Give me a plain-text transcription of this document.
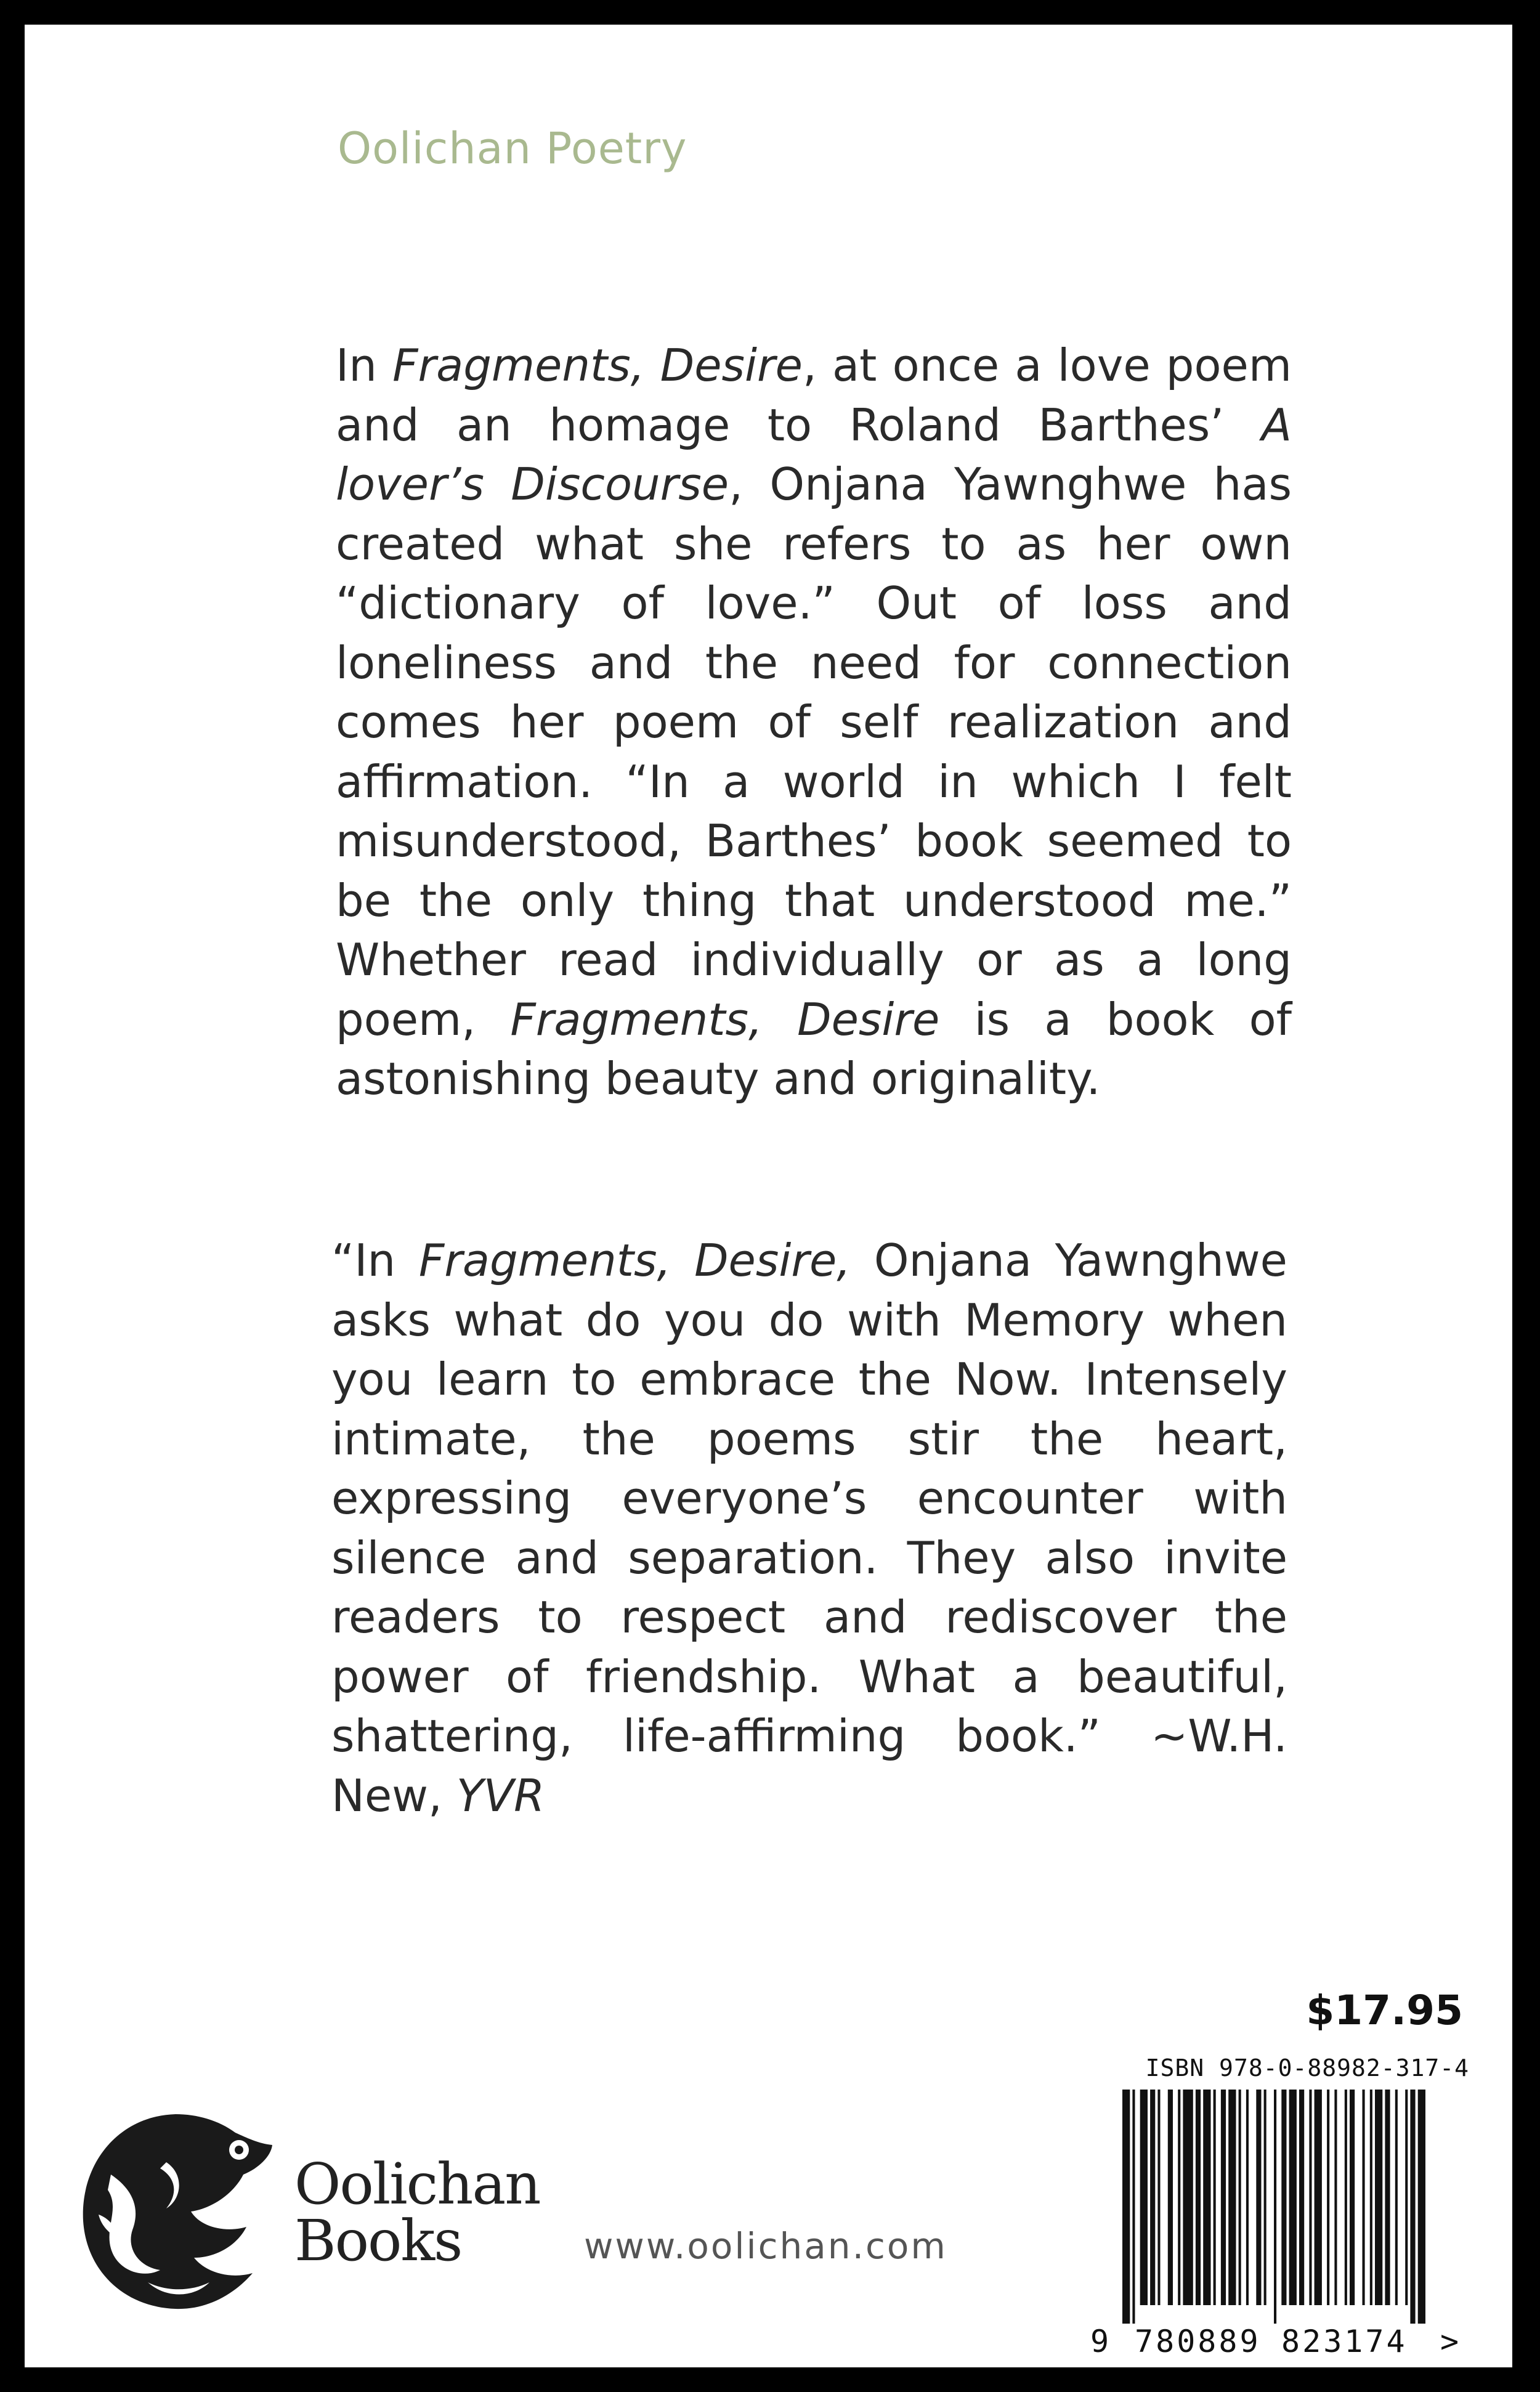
Oolichan Poetry
In Fragments, Desire, at once a love poem and an homage to Roland Barthes’ A lover’s Discourse, Onjana Yawnghwe has created what she refers to as her own “dictionary of love.” Out of loss and loneliness and the need for connection comes her poem of self realization and affirmation. “In a world in which I felt misunderstood, Barthes’ book seemed to be the only thing that understood me.” Whether read individually or as a long poem, Fragments, Desire is a book of astonishing beauty and originality.
“In Fragments, Desire, Onjana Yawnghwe asks what do you do with Memory when you learn to embrace the Now. Intensely intimate, the poems stir the heart, expressing everyone’s encounter with silence and separation. They also invite readers to respect and rediscover the power of friendship. What a beautiful, shattering, life-affirming book.” ~W.H. New, YVR
$17.95
ISBN 978-0-88982-317-4
9 780889 823174 >
Oolichan
Books	www.oolichan.com
